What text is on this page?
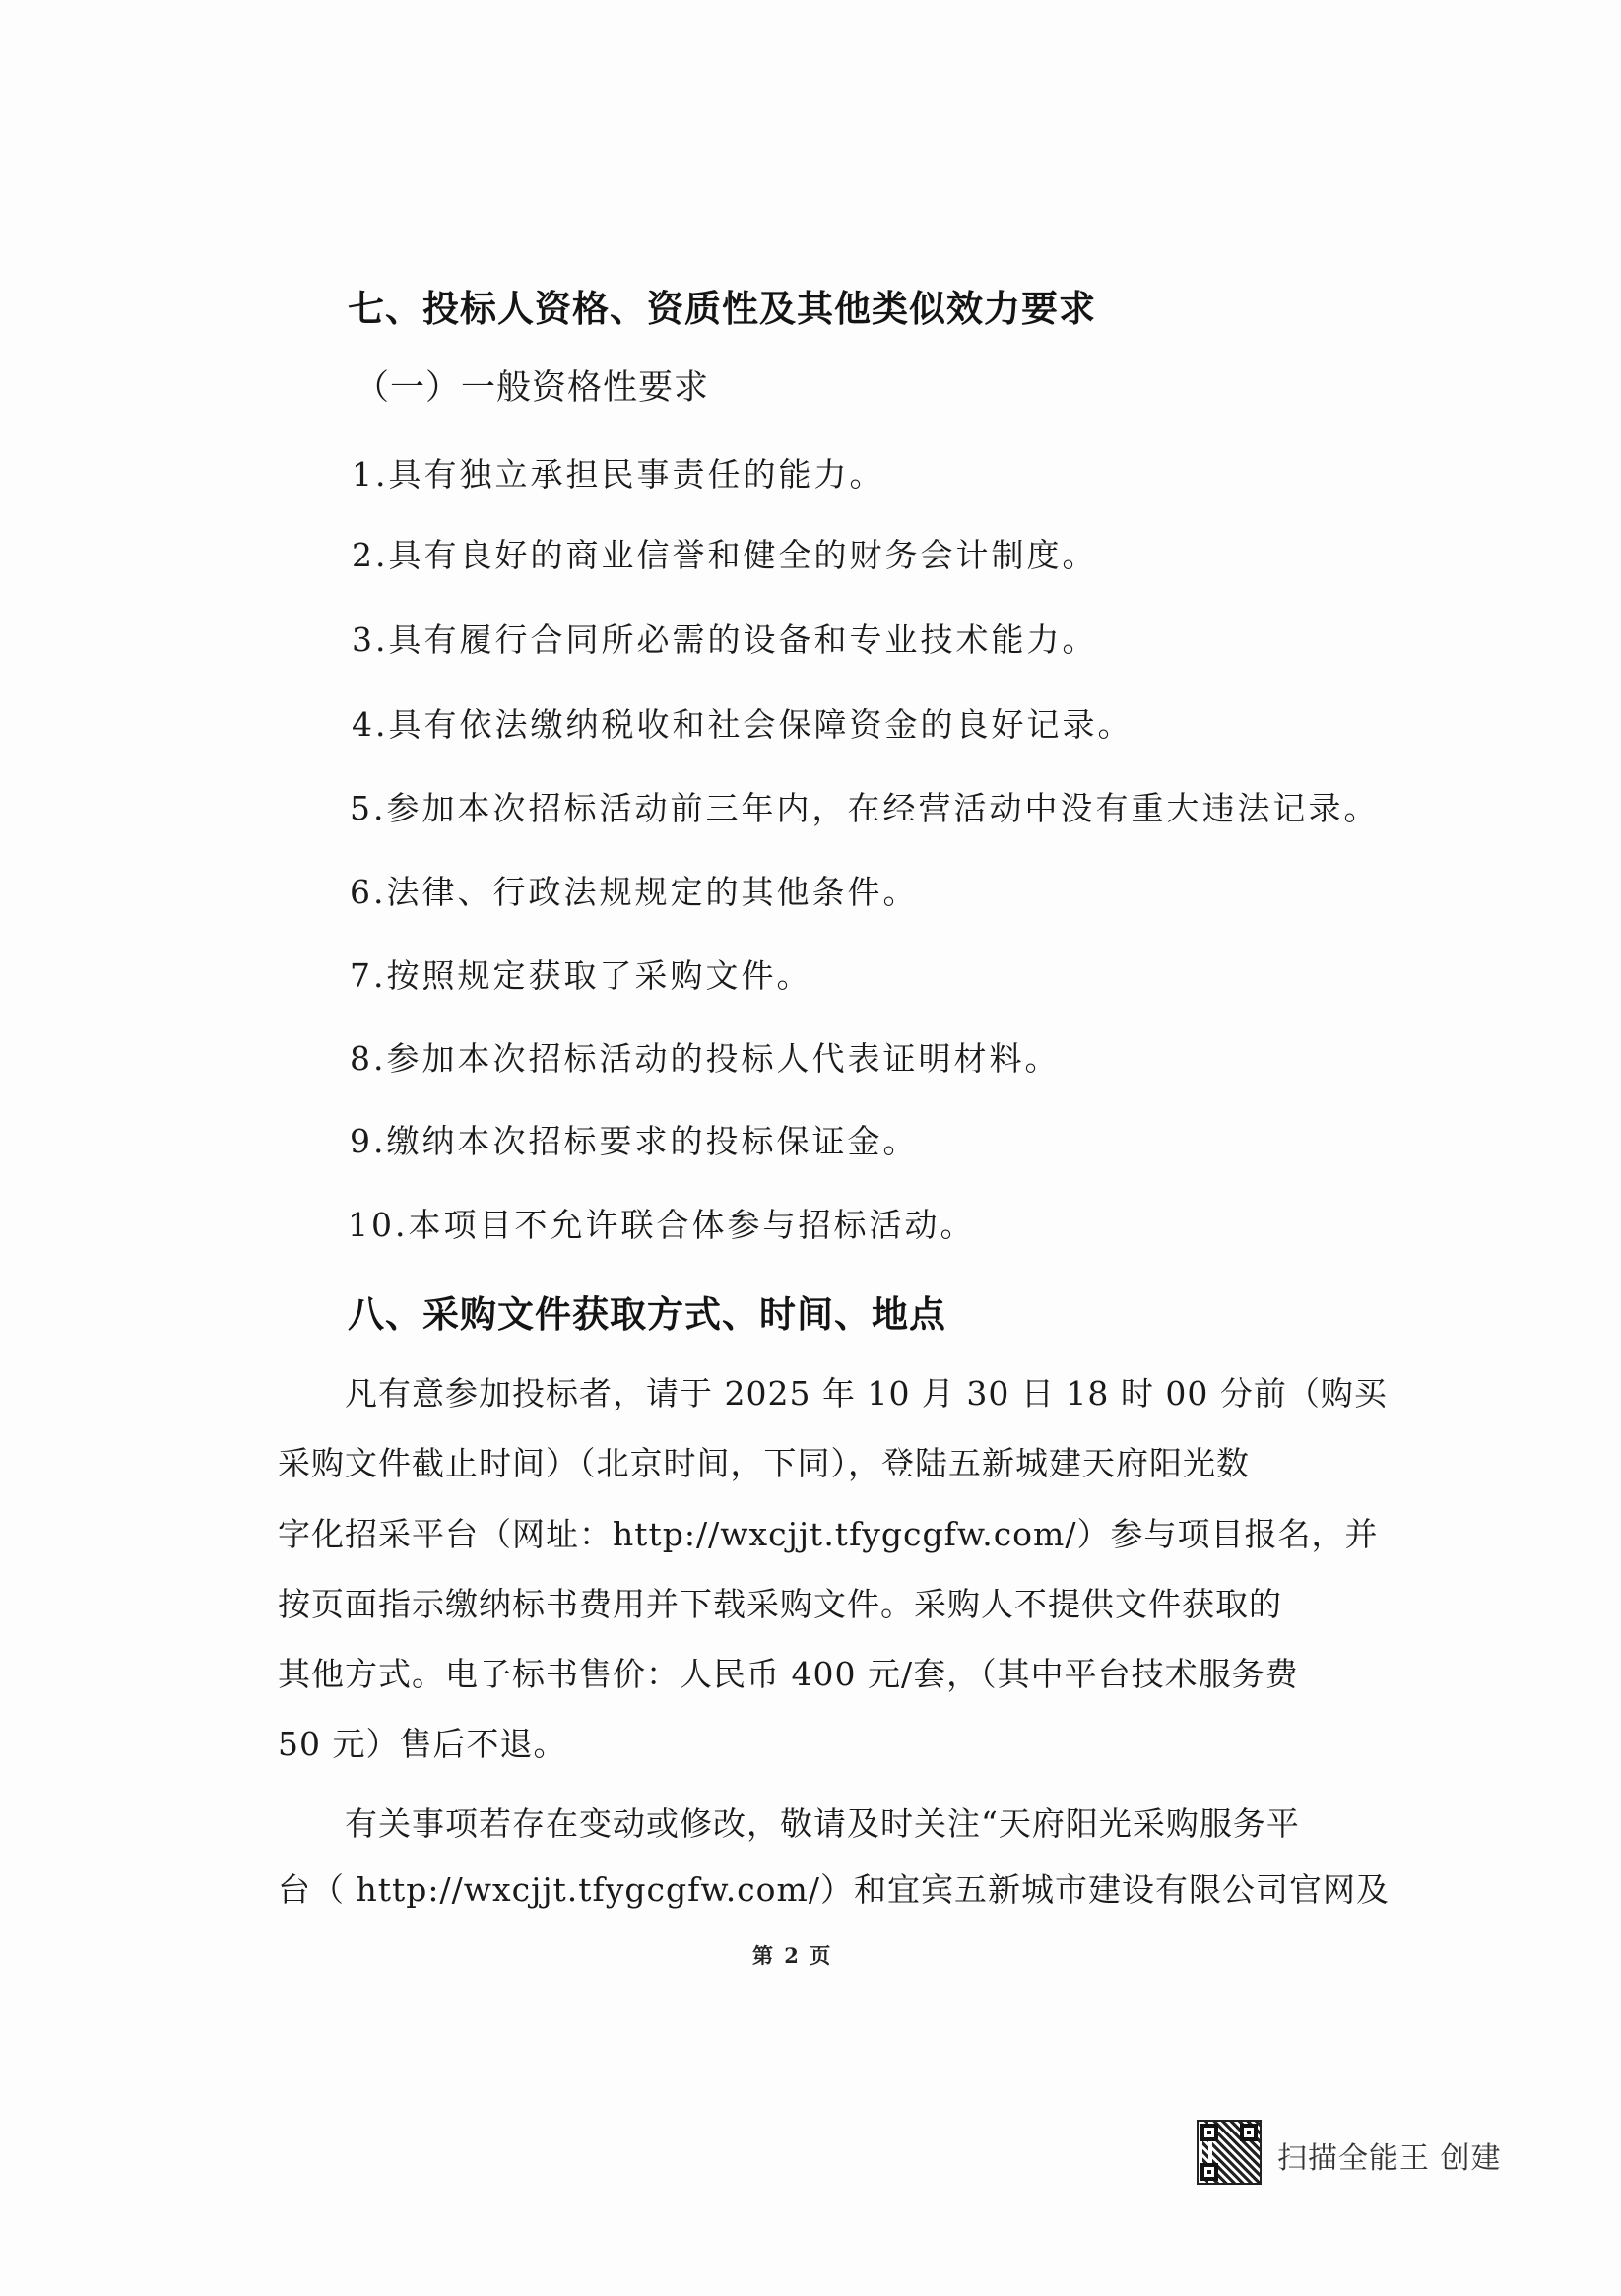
七、投标人资格、资质性及其他类似效力要求
（一）一般资格性要求
1.具有独立承担民事责任的能力。
2.具有良好的商业信誉和健全的财务会计制度。
3.具有履行合同所必需的设备和专业技术能力。
4.具有依法缴纳税收和社会保障资金的良好记录。
5.参加本次招标活动前三年内，在经营活动中没有重大违法记录。
6.法律、行政法规规定的其他条件。
7.按照规定获取了采购文件。
8.参加本次招标活动的投标人代表证明材料。
9.缴纳本次招标要求的投标保证金。
10.本项目不允许联合体参与招标活动。
八、采购文件获取方式、时间、地点
凡有意参加投标者，请于 2025 年 10 月 30 日 18 时 00 分前（购买
采购文件截止时间）（北京时间，下同），登陆五新城建天府阳光数
字化招采平台（网址：http://wxcjjt.tfygcgfw.com/）参与项目报名，并
按页面指示缴纳标书费用并下载采购文件。采购人不提供文件获取的
其他方式。电子标书售价：人民币 400 元/套，（其中平台技术服务费
50 元）售后不退。
有关事项若存在变动或修改，敬请及时关注“天府阳光采购服务平
台（ http://wxcjjt.tfygcgfw.com/）和宜宾五新城市建设有限公司官网及
第 2 页
扫描全能王 创建
